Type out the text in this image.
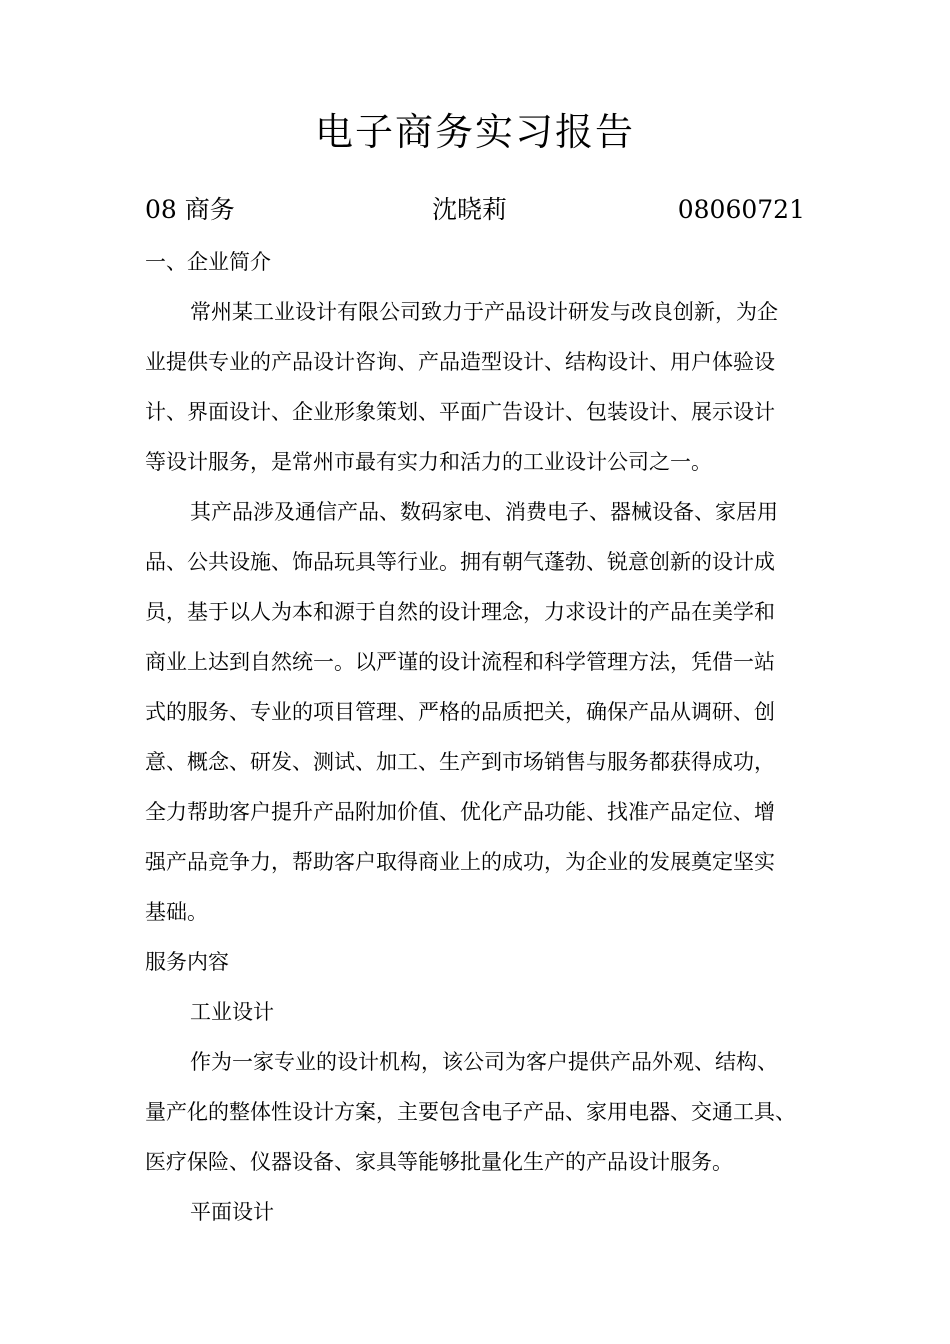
电子商务实习报告
08 商务	沈晓莉	08060721
一、企业简介
常州某工业设计有限公司致力于产品设计研发与改良创新，为企
业提供专业的产品设计咨询、产品造型设计、结构设计、用户体验设
计、界面设计、企业形象策划、平面广告设计、包装设计、展示设计
等设计服务，是常州市最有实力和活力的工业设计公司之一。
其产品涉及通信产品、数码家电、消费电子、器械设备、家居用
品、公共设施、饰品玩具等行业。拥有朝气蓬勃、锐意创新的设计成
员，基于以人为本和源于自然的设计理念，力求设计的产品在美学和
商业上达到自然统一。以严谨的设计流程和科学管理方法，凭借一站
式的服务、专业的项目管理、严格的品质把关，确保产品从调研、创
意、概念、研发、测试、加工、生产到市场销售与服务都获得成功，
全力帮助客户提升产品附加价值、优化产品功能、找准产品定位、增
强产品竞争力，帮助客户取得商业上的成功，为企业的发展奠定坚实
基础。
服务内容
工业设计
作为一家专业的设计机构，该公司为客户提供产品外观、结构、
量产化的整体性设计方案，主要包含电子产品、家用电器、交通工具、
医疗保险、仪器设备、家具等能够批量化生产的产品设计服务。
平面设计
